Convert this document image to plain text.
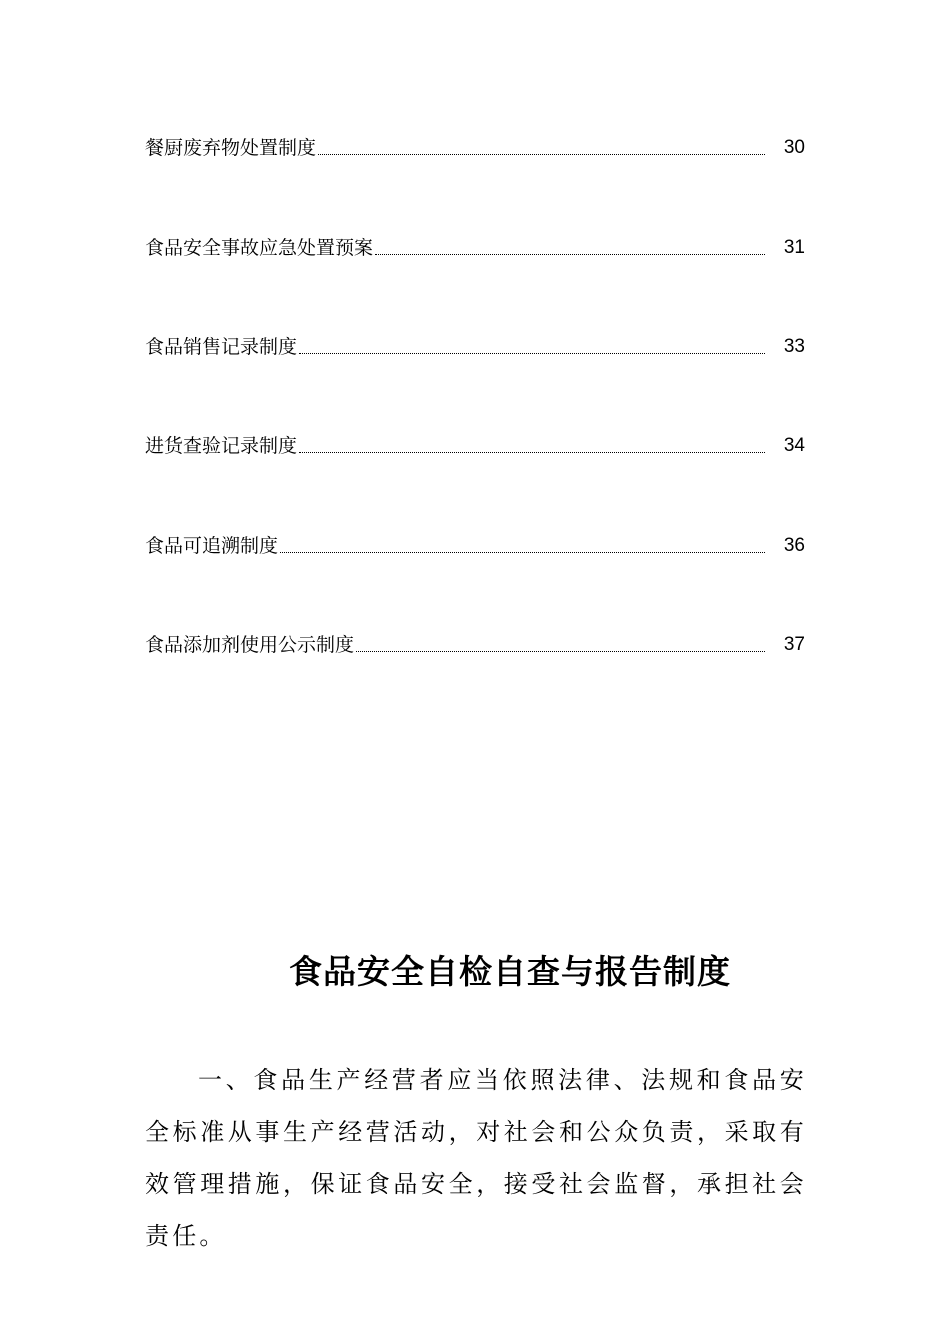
餐厨废弃物处置制度	30
食品安全事故应急处置预案	31
食品销售记录制度	33
进货查验记录制度	34
食品可追溯制度	36
食品添加剂使用公示制度	37
食品安全自检自查与报告制度

一、食品生产经营者应当依照法律、法规和食品安全标准从事生产经营活动，对社会和公众负责，采取有效管理措施，保证食品安全，接受社会监督，承担社会责任。
